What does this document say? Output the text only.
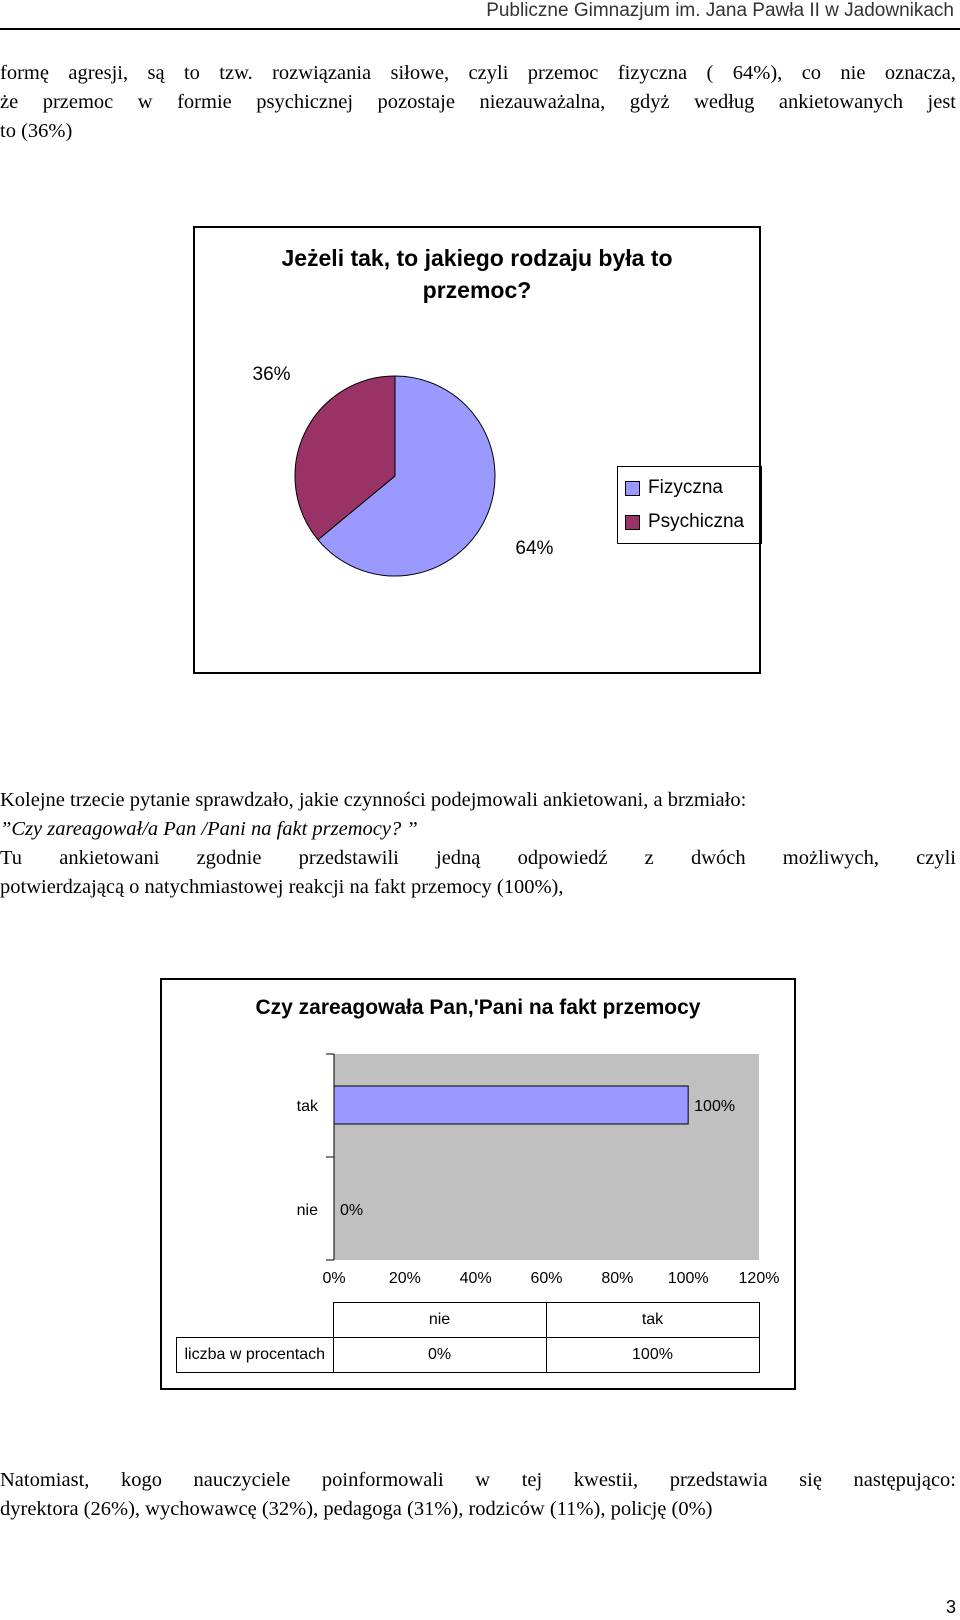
Publiczne Gimnazjum im. Jana Pawła II w Jadownikach

formę agresji, są to tzw. rozwiązania siłowe, czyli przemoc fizyczna ( 64%), co nie oznacza,

że przemoc w formie psychicznej pozostaje niezauważalna, gdyż według ankietowanych jest

to (36%)

Jeżeli tak, to jakiego rodzaju była to
przemoc?
64%
36%
Fizyczna
Psychiczna

Kolejne trzecie pytanie sprawdzało, jakie czynności podejmowali ankietowani, a brzmiało:

”Czy zareagował/a Pan /Pani na fakt przemocy? ”

Tu ankietowani zgodnie przedstawili jedną odpowiedź z dwóch możliwych, czyli

potwierdzającą o natychmiastowej reakcji na fakt przemocy (100%),

Czy zareagowała Pan,'Pani na fakt przemocy
tak
nie
100%
0%
0%	20% 40% 60% 80% 100% 120%
	nie	tak
liczba w procentach	0%	100%

Natomiast, kogo nauczyciele poinformowali w tej kwestii, przedstawia się następująco:

dyrektora (26%), wychowawcę (32%), pedagoga (31%), rodziców (11%), policję (0%)

3
